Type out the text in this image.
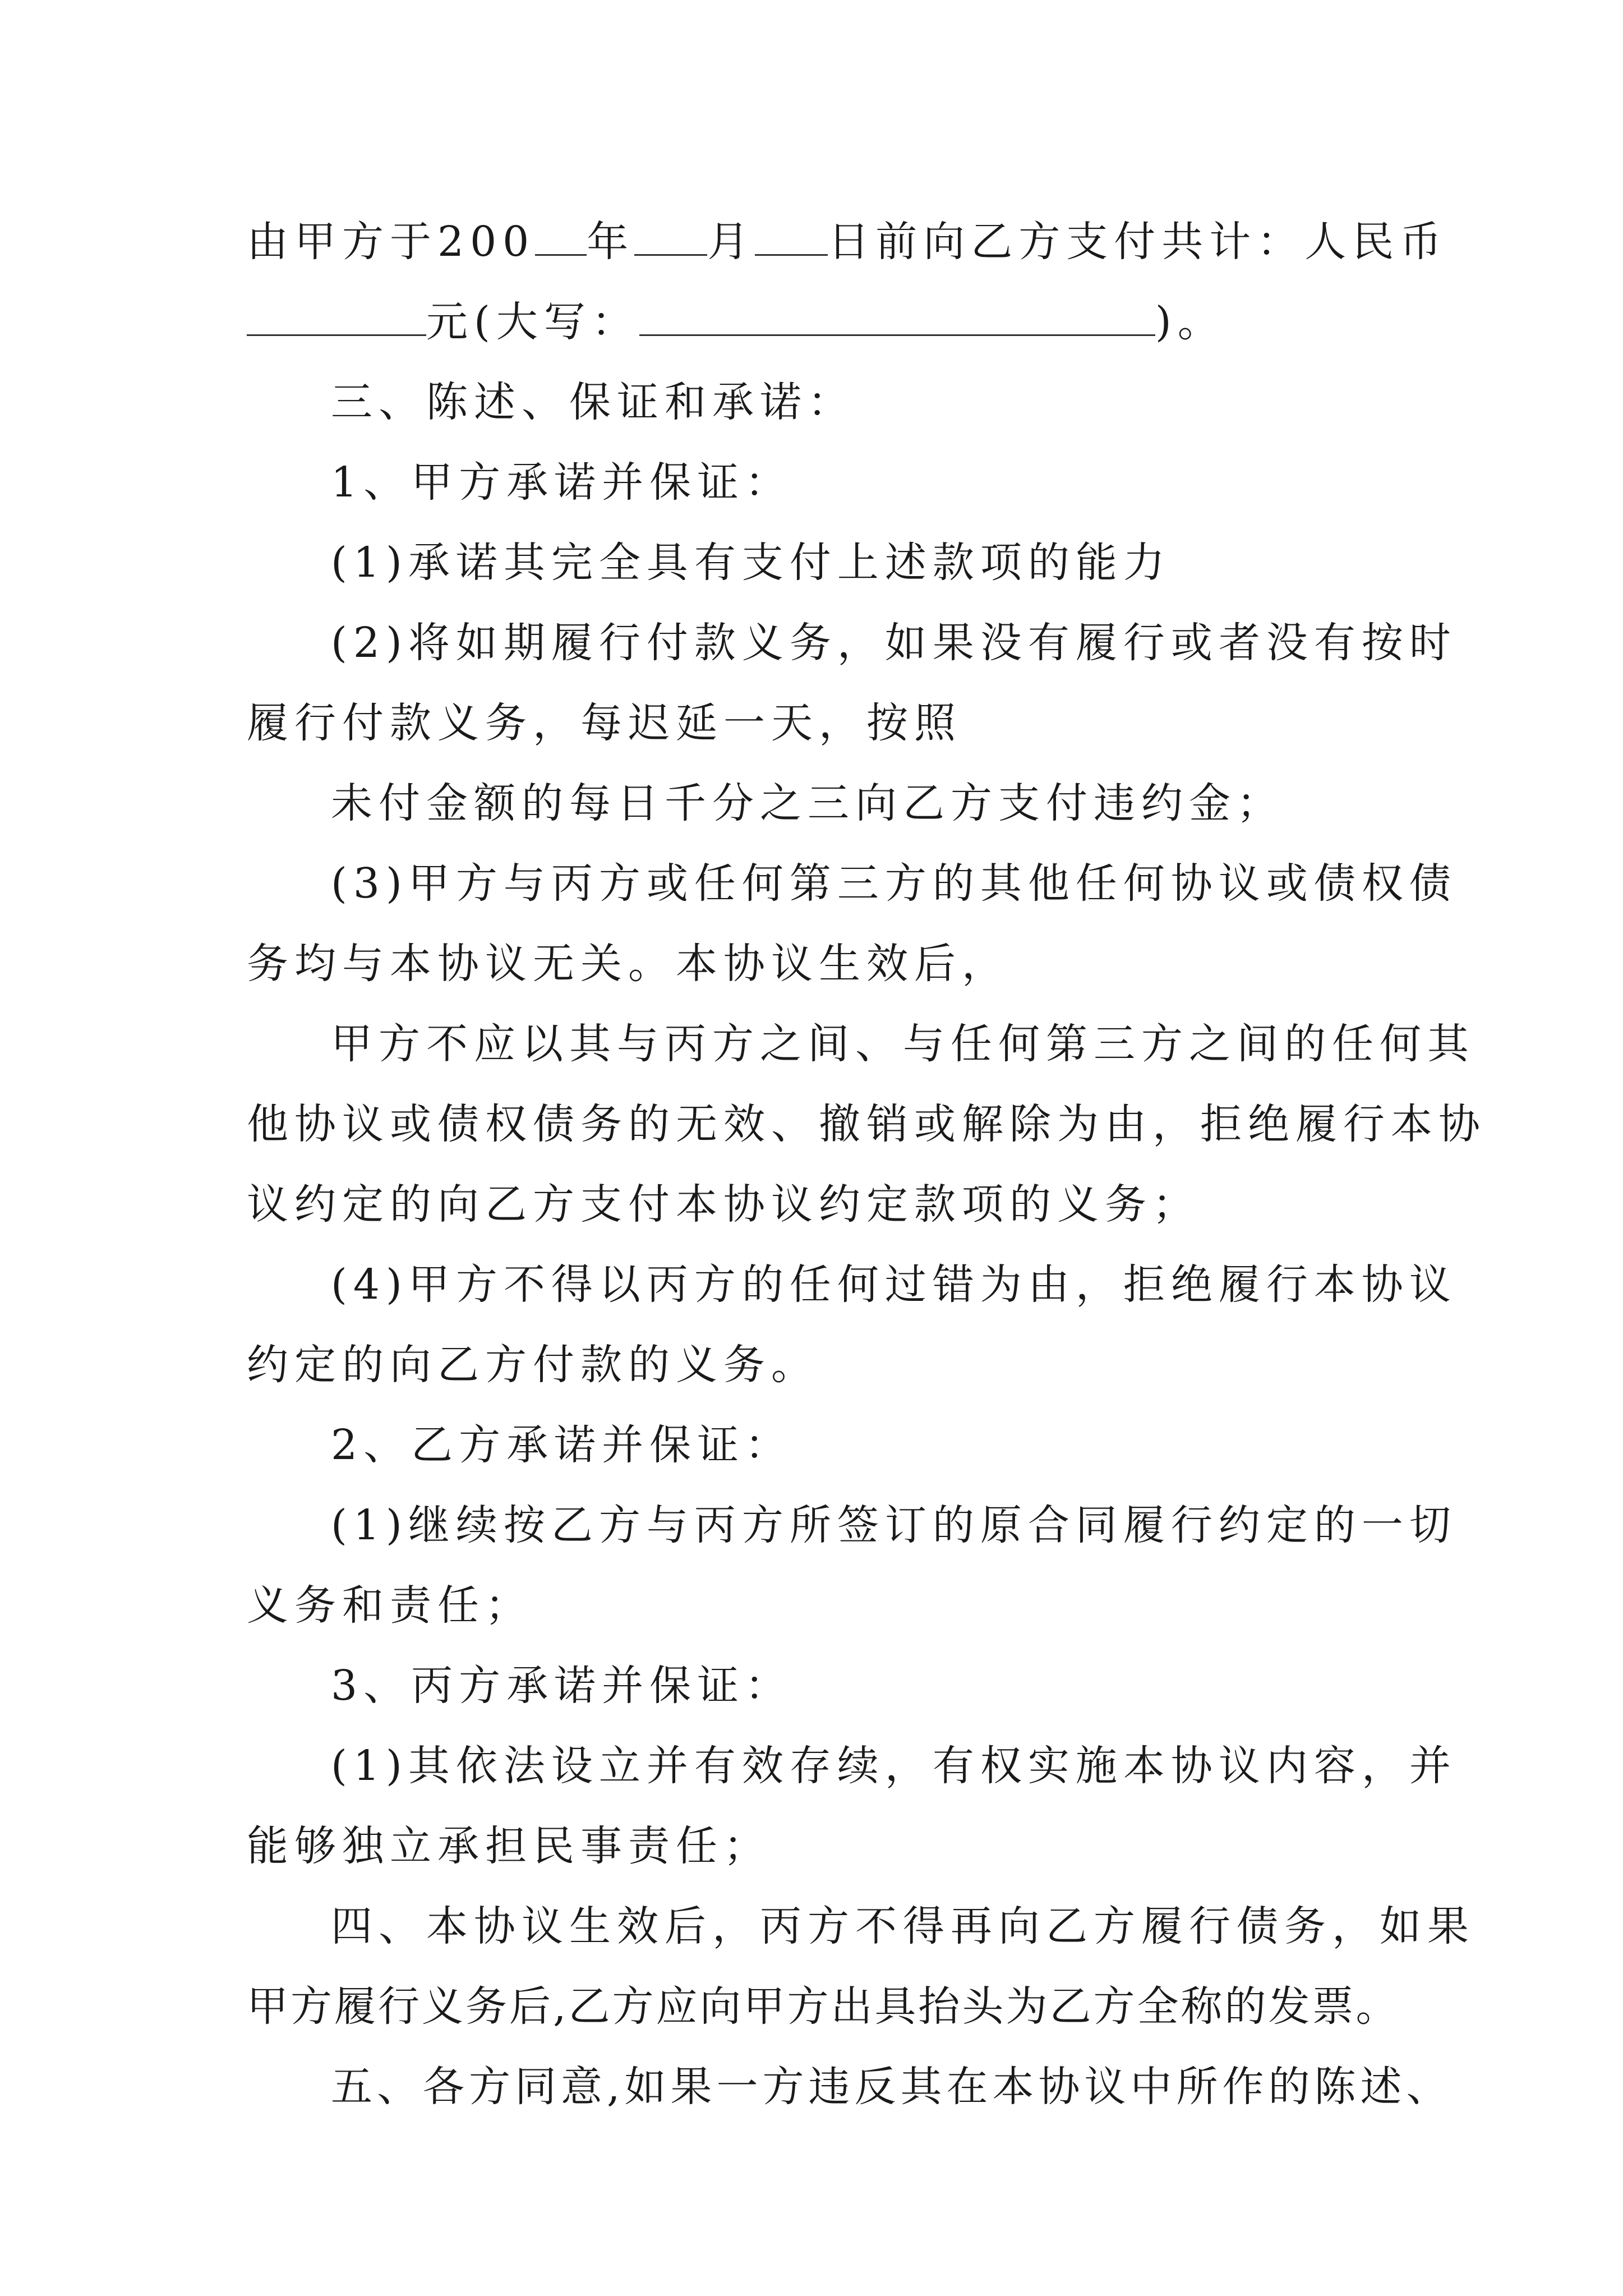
由甲方于200 年 月 日前向乙方支付共计：人民币
元(大写：	)。
三、陈述、保证和承诺：
1、甲方承诺并保证：
(1)承诺其完全具有支付上述款项的能力
(2)将如期履行付款义务，如果没有履行或者没有按时
履行付款义务，每迟延一天，按照
未付金额的每日千分之三向乙方支付违约金；
(3)甲方与丙方或任何第三方的其他任何协议或债权债
务均与本协议无关。本协议生效后，
甲方不应以其与丙方之间、与任何第三方之间的任何其
他协议或债权债务的无效、撤销或解除为由，拒绝履行本协
议约定的向乙方支付本协议约定款项的义务；
(4)甲方不得以丙方的任何过错为由，拒绝履行本协议
约定的向乙方付款的义务。
2、乙方承诺并保证：
(1)继续按乙方与丙方所签订的原合同履行约定的一切
义务和责任；
3、丙方承诺并保证：
(1)其依法设立并有效存续，有权实施本协议内容，并
能够独立承担民事责任；
四、本协议生效后，丙方不得再向乙方履行债务，如果
甲方履行义务后,乙方应向甲方出具抬头为乙方全称的发票。
五、各方同意,如果一方违反其在本协议中所作的陈述、
